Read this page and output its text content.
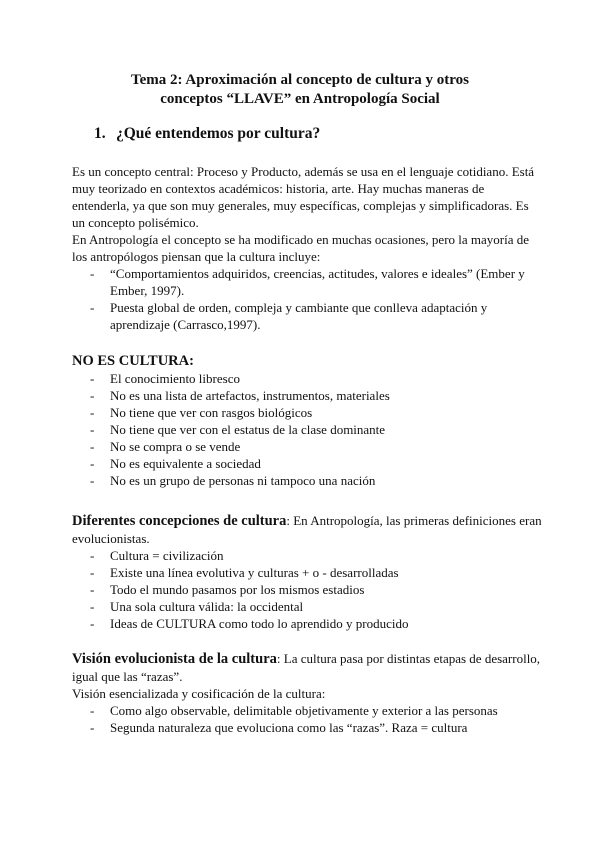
Tema 2: Aproximación al concepto de cultura y otros
conceptos “LLAVE” en Antropología Social
1. ¿Qué entendemos por cultura?

Es un concepto central: Proceso y Producto, además se usa en el lenguaje cotidiano. Está muy teorizado en contextos académicos: historia, arte. Hay muchas maneras de entenderla, ya que son muy generales, muy específicas, complejas y simplificadoras. Es un concepto polisémico.

En Antropología el concepto se ha modificado en muchas ocasiones, pero la mayoría de los antropólogos piensan que la cultura incluye:

- “Comportamientos adquiridos, creencias, actitudes, valores e ideales” (Ember y Ember, 1997).
- Puesta global de orden, compleja y cambiante que conlleva adaptación y aprendizaje (Carrasco,1997).

NO ES CULTURA:

- El conocimiento libresco
- No es una lista de artefactos, instrumentos, materiales
- No tiene que ver con rasgos biológicos
- No tiene que ver con el estatus de la clase dominante
- No se compra o se vende
- No es equivalente a sociedad
- No es un grupo de personas ni tampoco una nación

Diferentes concepciones de cultura: En Antropología, las primeras definiciones eran evolucionistas.

- Cultura = civilización
- Existe una línea evolutiva y culturas + o - desarrolladas
- Todo el mundo pasamos por los mismos estadios
- Una sola cultura válida: la occidental
- Ideas de CULTURA como todo lo aprendido y producido

Visión evolucionista de la cultura: La cultura pasa por distintas etapas de desarrollo, igual que las “razas”.

Visión esencializada y cosificación de la cultura:

- Como algo observable, delimitable objetivamente y exterior a las personas
- Segunda naturaleza que evoluciona como las “razas”. Raza = cultura
